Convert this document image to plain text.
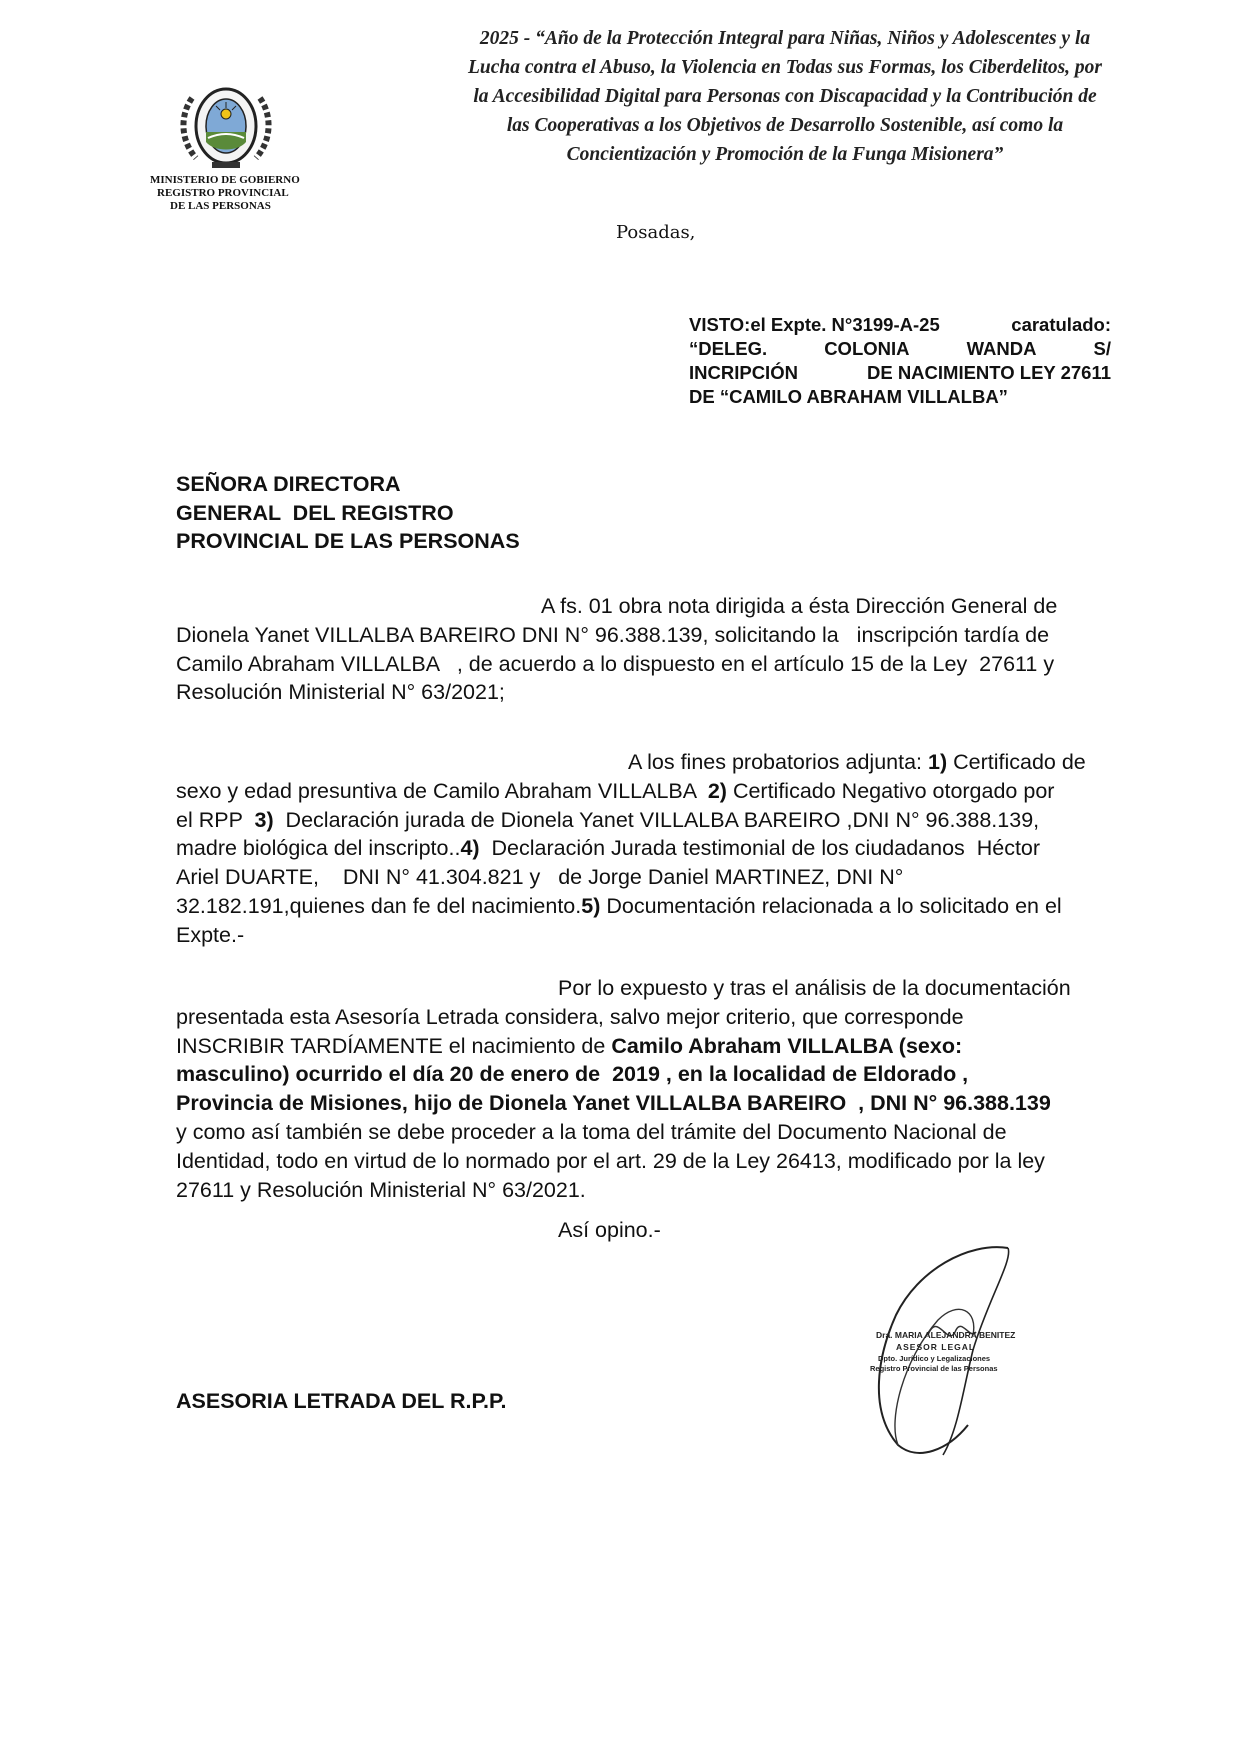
MINISTERIO DE GOBIERNO
REGISTRO PROVINCIAL
DE LAS PERSONAS
2025 - “Año de la Protección Integral para Niñas, Niños y Adolescentes y la
Lucha contra el Abuso, la Violencia en Todas sus Formas, los Ciberdelitos, por
la Accesibilidad Digital para Personas con Discapacidad y la Contribución de
las Cooperativas a los Objetivos de Desarrollo Sostenible, así como la
Concientización y Promoción de la Funga Misionera”
Posadas,
VISTO:el Expte. N°3199-A-25	caratulado:
“DELEG.	COLONIA	WANDA	S/
INCRIPCIÓN	DE NACIMIENTO LEY 27611
DE “CAMILO ABRAHAM VILLALBA”
SEÑORA DIRECTORA
GENERAL  DEL REGISTRO
PROVINCIAL DE LAS PERSONAS
A fs. 01 obra nota dirigida a ésta Dirección General de
Dionela Yanet VILLALBA BAREIRO DNI N° 96.388.139, solicitando la   inscripción tardía de
Camilo Abraham VILLALBA   , de acuerdo a lo dispuesto en el artículo 15 de la Ley  27611 y
Resolución Ministerial N° 63/2021;
A los fines probatorios adjunta: 1) Certificado de
sexo y edad presuntiva de Camilo Abraham VILLALBA  2) Certificado Negativo otorgado por
el RPP  3)  Declaración jurada de Dionela Yanet VILLALBA BAREIRO ,DNI N° 96.388.139,
madre biológica del inscripto..4)  Declaración Jurada testimonial de los ciudadanos  Héctor
Ariel DUARTE,    DNI N° 41.304.821 y   de Jorge Daniel MARTINEZ, DNI N°
32.182.191,quienes dan fe del nacimiento.5) Documentación relacionada a lo solicitado en el
Expte.-
Por lo expuesto y tras el análisis de la documentación
presentada esta Asesoría Letrada considera, salvo mejor criterio, que corresponde
INSCRIBIR TARDÍAMENTE el nacimiento de Camilo Abraham VILLALBA (sexo:
masculino) ocurrido el día 20 de enero de  2019 , en la localidad de Eldorado ,
Provincia de Misiones, hijo de Dionela Yanet VILLALBA BAREIRO  , DNI N° 96.388.139
y como así también se debe proceder a la toma del trámite del Documento Nacional de
Identidad, todo en virtud de lo normado por el art. 29 de la Ley 26413, modificado por la ley
27611 y Resolución Ministerial N° 63/2021.
Así opino.-
Dra. MARIA ALEJANDRA BENITEZ
ASESOR LEGAL
Dpto. Jurídico y Legalizaciones
Registro Provincial de las Personas
ASESORIA LETRADA DEL R.P.P.
